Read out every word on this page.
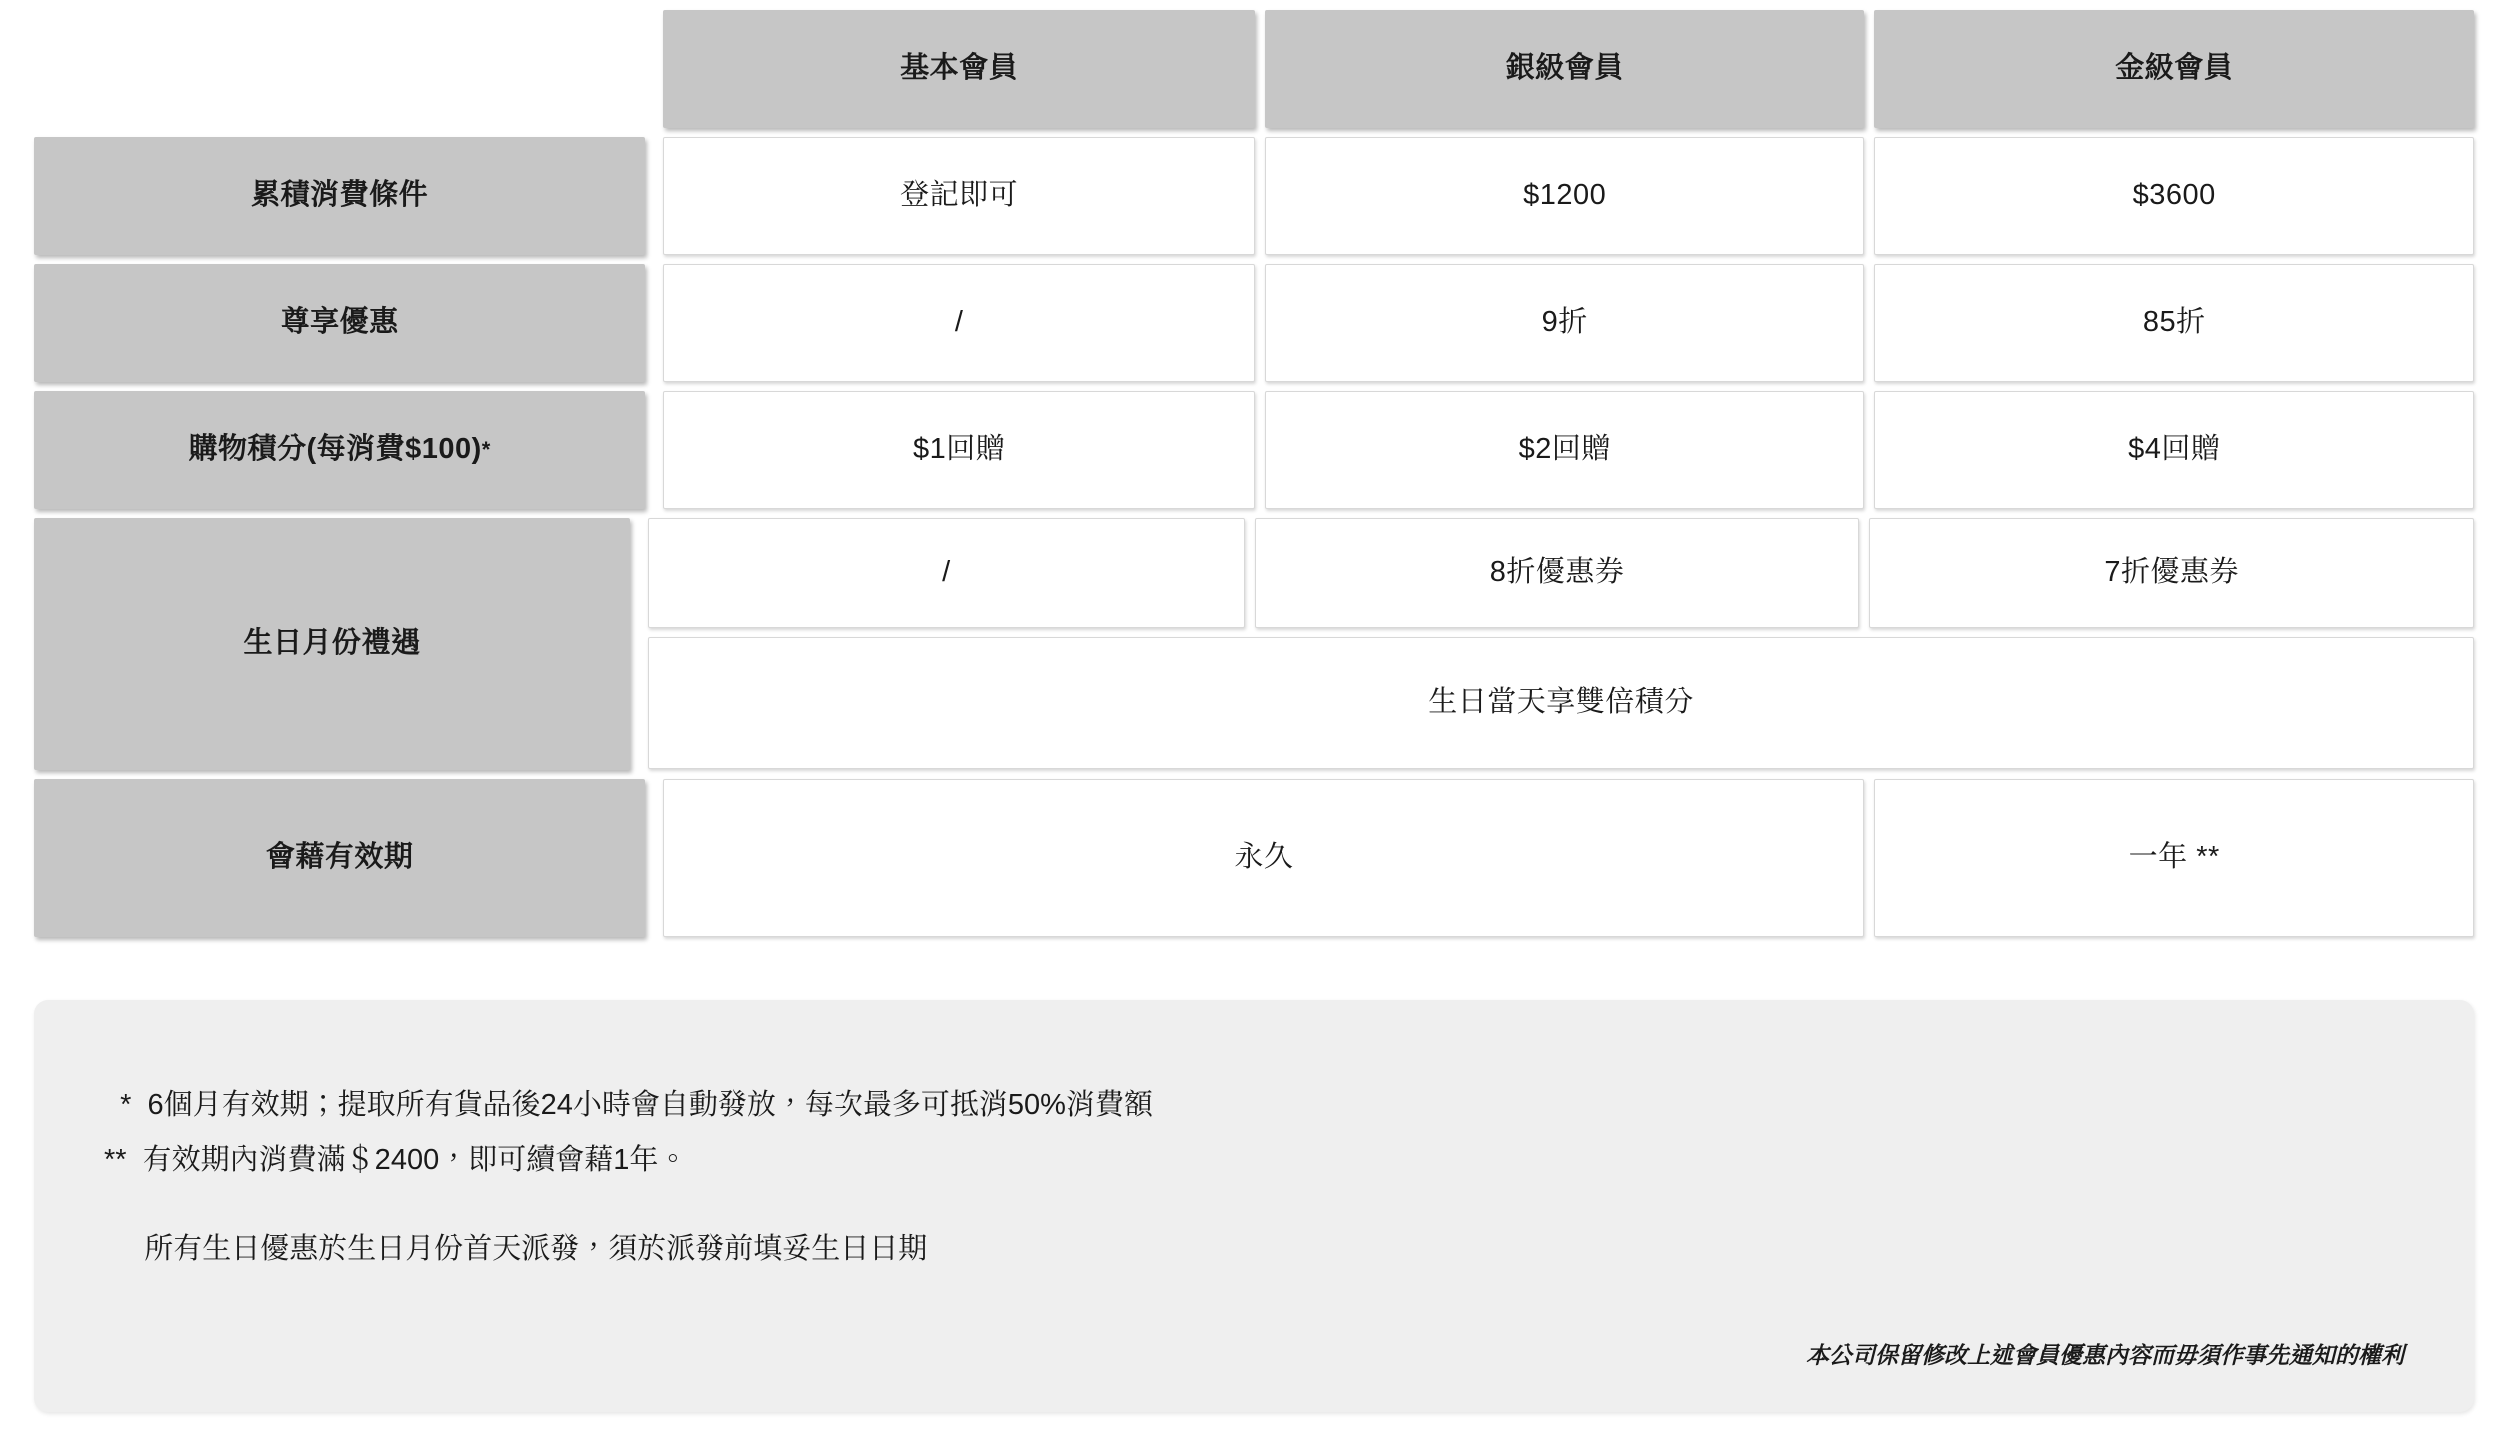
基本會員	銀級會員	金級會員
累積消費條件	登記即可	$1200	$3600
尊享優惠	/	9折	85折
購物積分(每消費$100) *	$1回贈	$2回贈	$4回贈
生日月份禮遇
/	8折優惠券	7折優惠券
生日當天享雙倍積分
會藉有效期	永久	一年 **
*  6個月有效期；提取所有貨品後24小時會自動發放，每次最多可抵消50%消費額
**  有效期內消費滿＄2400，即可續會藉1年。
所有生日優惠於生日月份首天派發，須於派發前填妥生日日期
本公司保留修改上述會員優惠內容而毋須作事先通知的權利
